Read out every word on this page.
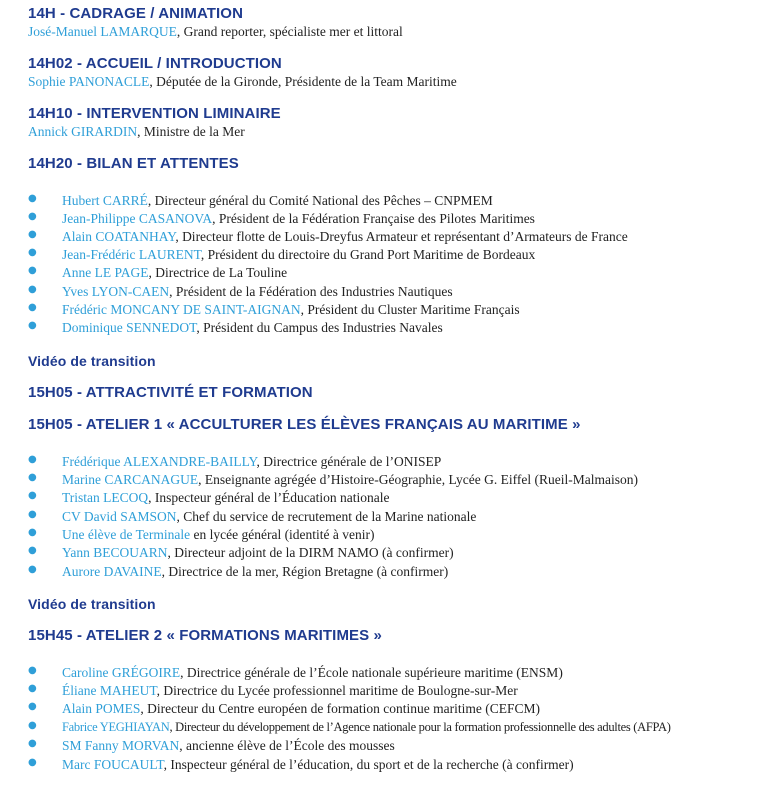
14H - CADRAGE / ANIMATION
José-Manuel LAMARQUE, Grand reporter, spécialiste mer et littoral
14H02 - ACCUEIL / INTRODUCTION
Sophie PANONACLE, Députée de la Gironde, Présidente de la Team Maritime
14H10 - INTERVENTION LIMINAIRE
Annick GIRARDIN, Ministre de la Mer
14H20 - BILAN ET ATTENTES
● Hubert CARRÉ, Directeur général du Comité National des Pêches – CNPMEM
● Jean-Philippe CASANOVA, Président de la Fédération Française des Pilotes Maritimes
● Alain COATANHAY, Directeur flotte de Louis-Dreyfus Armateur et représentant d’Armateurs de France
● Jean-Frédéric LAURENT, Président du directoire du Grand Port Maritime de Bordeaux
● Anne LE PAGE, Directrice de La Touline
● Yves LYON-CAEN, Président de la Fédération des Industries Nautiques
● Frédéric MONCANY DE SAINT-AIGNAN, Président du Cluster Maritime Français
● Dominique SENNEDOT, Président du Campus des Industries Navales
Vidéo de transition
15H05 - ATTRACTIVITÉ ET FORMATION
15H05 - ATELIER 1 « ACCULTURER LES ÉLÈVES FRANÇAIS AU MARITIME »
● Frédérique ALEXANDRE-BAILLY, Directrice générale de l’ONISEP
● Marine CARCANAGUE, Enseignante agrégée d’Histoire-Géographie, Lycée G. Eiffel (Rueil-Malmaison)
● Tristan LECOQ, Inspecteur général de l’Éducation nationale
● CV David SAMSON, Chef du service de recrutement de la Marine nationale
● Une élève de Terminale en lycée général (identité à venir)
● Yann BECOUARN, Directeur adjoint de la DIRM NAMO (à confirmer)
● Aurore DAVAINE, Directrice de la mer, Région Bretagne (à confirmer)
Vidéo de transition
15H45 - ATELIER 2 « FORMATIONS MARITIMES »
● Caroline GRÉGOIRE, Directrice générale de l’École nationale supérieure maritime (ENSM)
● Éliane MAHEUT, Directrice du Lycée professionnel maritime de Boulogne-sur-Mer
● Alain POMES, Directeur du Centre européen de formation continue maritime (CEFCM)
● Fabrice YEGHIAYAN, Directeur du développement de l’Agence nationale pour la formation professionnelle des adultes (AFPA)
● SM Fanny MORVAN, ancienne élève de l’École des mousses
● Marc FOUCAULT, Inspecteur général de l’éducation, du sport et de la recherche (à confirmer)
